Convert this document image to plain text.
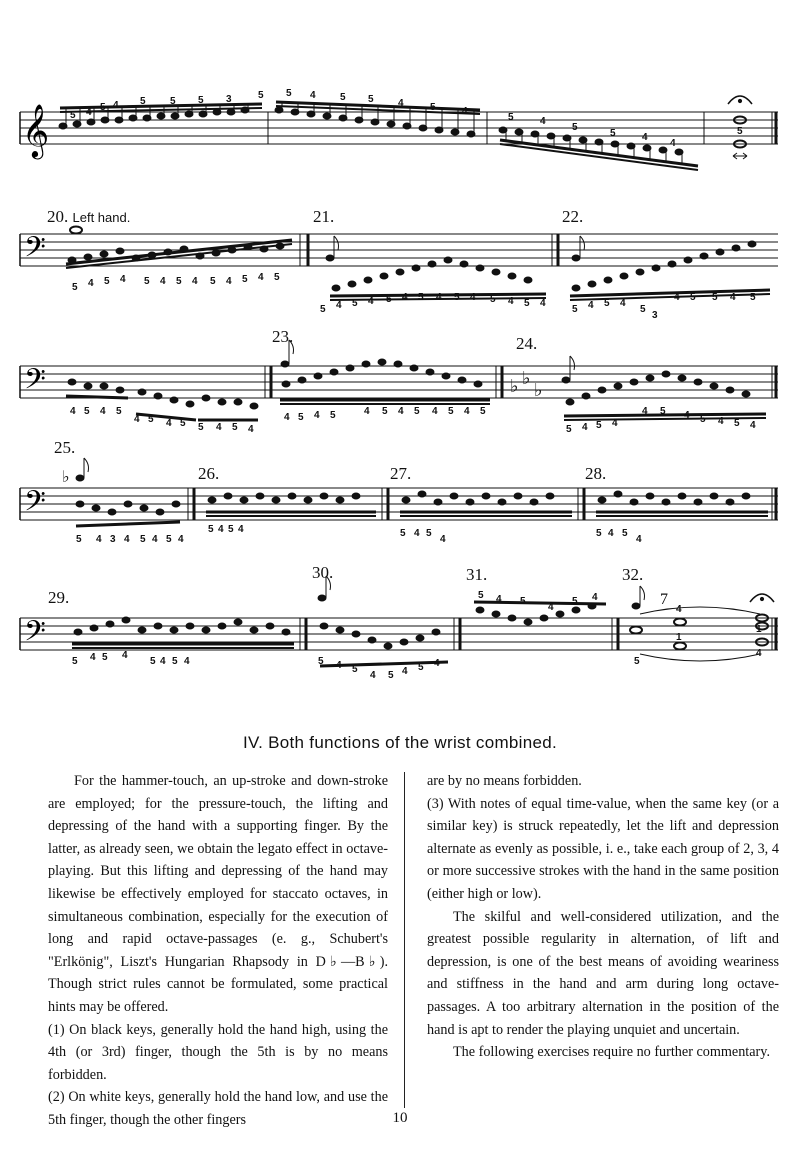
𝄞 5 4 5 4 5 5 5 3	5 5 4 5 5 4	5	4
5	4
5
5	4
4
5
𝄢
5 4 5 4 5 4 5 4 5 4 5 4 5
5 4 5 4 5 4 5 4 5 4 5 4 5 4
5 4 5 4
5
3
4 5 5 4 5
𝄢	♭ ♭
♭
4 5 4 5
4 5 4 5 5 4 5 4
4 5 4 5	4 5 4 5 4 5 4 5
5 4 5 4
4 5 4 5 4 5 4
𝄢
♭
5 4 3 4 5 4 5 4
5 4 5 4	5 4 5
4
5 4 5
4
𝄢
7
5 4 5 4
5 4 5 4	5 4 5
4 5 4 5 4
5 4 5
4
5 4
5
4
1
1
4
20. Left hand.	21.	22.
23.	24.
25.
26.	27.	28.
29.
30.	31.	32.
IV. Both functions of the wrist combined.

For the hammer-touch, an up-stroke and down-stroke are employed; for the pressure-touch, the lifting and depressing of the hand with a supporting finger. By the latter, as already seen, we obtain the legato effect in octave-playing. But this lifting and depressing of the hand may likewise be effectively employed for staccato octaves, in simultaneous combination, especially for the execution of long and rapid octave-passages (e. g., Schubert's "Erlkönig", Liszt's Hungarian Rhapsody in D♭—B♭). Though strict rules cannot be formulated, some practical hints may be offered.

(1) On black keys, generally hold the hand high, using the 4th (or 3rd) finger, though the 5th is by no means forbidden.

(2) On white keys, generally hold the hand low, and use the 5th finger, though the other fingers

are by no means forbidden.

(3) With notes of equal time-value, when the same key (or a similar key) is struck repeatedly, let the lift and depression alternate as evenly as possible, i. e., take each group of 2, 3, 4 or more successive strokes with the hand in the same position (either high or low).

The skilful and well-considered utilization, and the greatest possible regularity in alternation, of lift and depression, is one of the best means of avoiding weariness and stiffness in the hand and arm during long octave-passages. A too arbitrary alternation in the position of the hand is apt to render the playing unquiet and uncertain.

The following exercises require no further commentary.

10
